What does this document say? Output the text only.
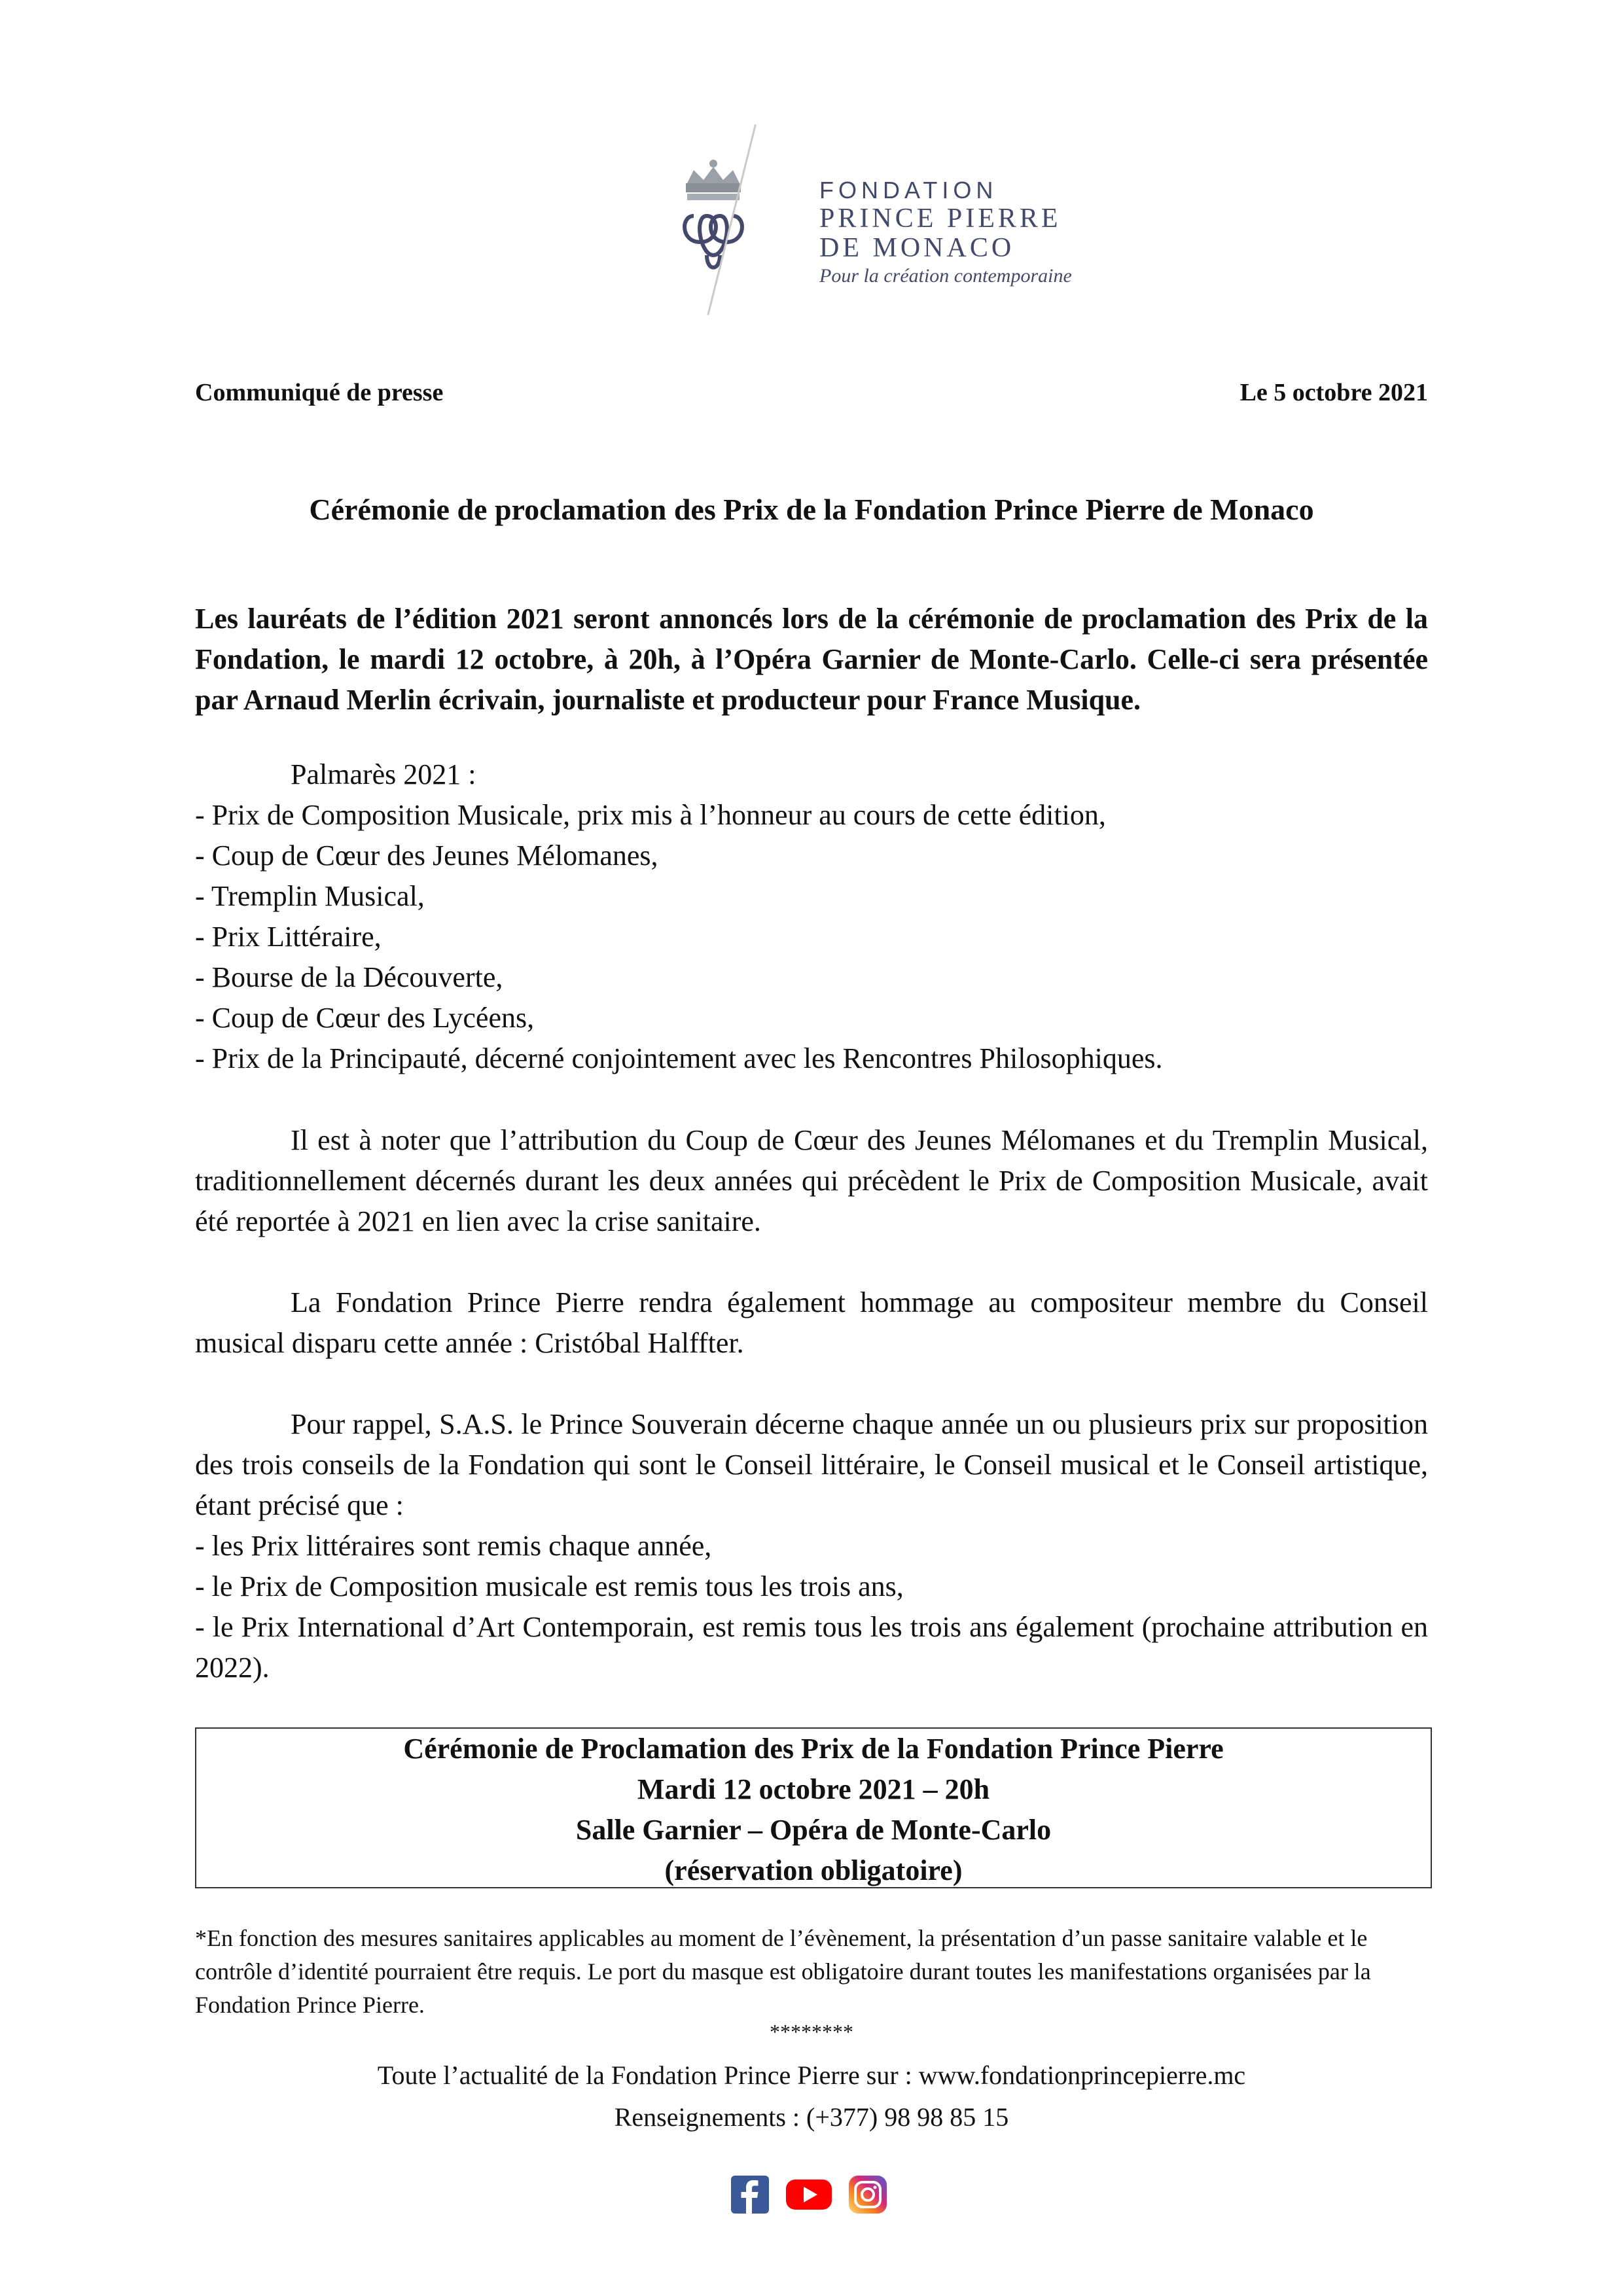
FONDATION
PRINCE PIERRE
DE MONACO
Pour la création contemporaine
Communiqué de presse	Le 5 octobre 2021
Cérémonie de proclamation des Prix de la Fondation Prince Pierre de Monaco
Les lauréats de l’édition 2021 seront annoncés lors de la cérémonie de proclamation des Prix de la Fondation, le mardi 12 octobre, à 20h, à l’Opéra Garnier de Monte-Carlo. Celle-ci sera présentée par Arnaud Merlin écrivain, journaliste et producteur pour France Musique.
Palmarès 2021 :
- Prix de Composition Musicale, prix mis à l’honneur au cours de cette édition,
- Coup de Cœur des Jeunes Mélomanes,
- Tremplin Musical,
- Prix Littéraire,
- Bourse de la Découverte,
- Coup de Cœur des Lycéens,
- Prix de la Principauté, décerné conjointement avec les Rencontres Philosophiques.
Il est à noter que l’attribution du Coup de Cœur des Jeunes Mélomanes et du Tremplin Musical, traditionnellement décernés durant les deux années qui précèdent le Prix de Composition Musicale, avait été reportée à 2021 en lien avec la crise sanitaire.
La Fondation Prince Pierre rendra également hommage au compositeur membre du Conseil musical disparu cette année : Cristóbal Halffter.
Pour rappel, S.A.S. le Prince Souverain décerne chaque année un ou plusieurs prix sur proposition des trois conseils de la Fondation qui sont le Conseil littéraire, le Conseil musical et le Conseil artistique, étant précisé que :
- les Prix littéraires sont remis chaque année,
- le Prix de Composition musicale est remis tous les trois ans,
- le Prix International d’Art Contemporain, est remis tous les trois ans également (prochaine attribution en 2022).
Cérémonie de Proclamation des Prix de la Fondation Prince Pierre
Mardi 12 octobre 2021 – 20h
Salle Garnier – Opéra de Monte-Carlo
(réservation obligatoire)
*En fonction des mesures sanitaires applicables au moment de l’évènement, la présentation d’un passe sanitaire valable et le contrôle d’identité pourraient être requis. Le port du masque est obligatoire durant toutes les manifestations organisées par la Fondation Prince Pierre.
********
Toute l’actualité de la Fondation Prince Pierre sur : www.fondationprincepierre.mc
Renseignements : (+377) 98 98 85 15
